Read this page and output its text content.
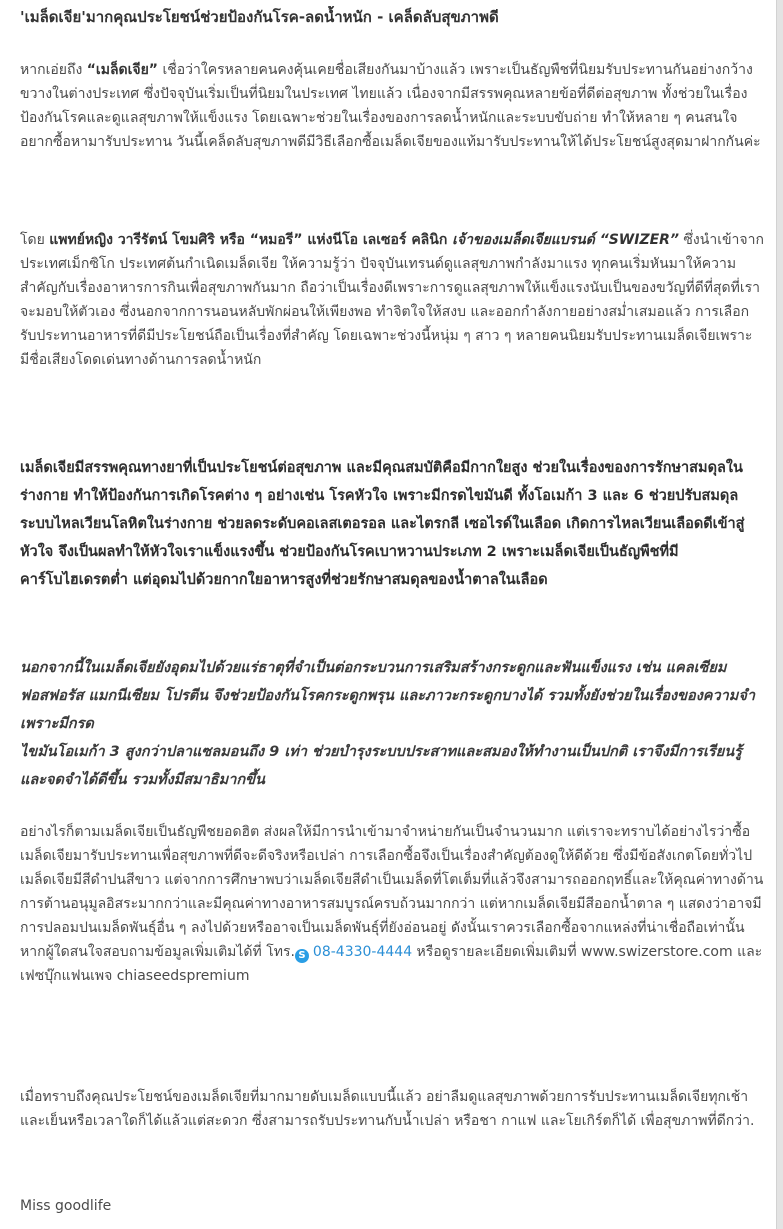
'เมล็ดเจีย'มากคุณประโยชน์ช่วยป้องกันโรค-ลดน้ำหนัก - เคล็ดลับสุขภาพดี

หากเอ่ยถึง “เมล็ดเจีย” เชื่อว่าใครหลายคนคงคุ้นเคยชื่อเสียงกันมาบ้างแล้ว เพราะเป็นธัญพืชที่นิยมรับประทานกันอย่างกว้างขวางในต่างประเทศ ซึ่งปัจจุบันเริ่มเป็นที่นิยมในประเทศ ไทยแล้ว เนื่องจากมีสรรพคุณหลายข้อที่ดีต่อสุขภาพ ทั้งช่วยในเรื่องป้องกันโรคและดูแลสุขภาพให้แข็งแรง โดยเฉพาะช่วยในเรื่องของการลดน้ำหนักและระบบขับถ่าย ทำให้หลาย ๆ คนสนใจอยากซื้อหามารับประทาน วันนี้เคล็ดลับสุขภาพดีมีวิธีเลือกซื้อเมล็ดเจียของแท้มารับประทานให้ได้ประโยชน์สูงสุดมาฝากกันค่ะ

โดย แพทย์หญิง วารีรัตน์ โขมศิริ หรือ “หมอรี” แห่งนีโอ เลเซอร์ คลินิก เจ้าของเมล็ดเจียแบรนด์ “SWIZER” ซึ่งนำเข้าจากประเทศเม็กซิโก ประเทศต้นกำเนิดเมล็ดเจีย ให้ความรู้ว่า ปัจจุบันเทรนด์ดูแลสุขภาพกำลังมาแรง ทุกคนเริ่มหันมาให้ความสำคัญกับเรื่องอาหารการกินเพื่อสุขภาพกันมาก ถือว่าเป็นเรื่องดีเพราะการดูแลสุขภาพให้แข็งแรงนับเป็นของขวัญที่ดีที่สุดที่เราจะมอบให้ตัวเอง ซึ่งนอกจากการนอนหลับพักผ่อนให้เพียงพอ ทำจิตใจให้สงบ และออกกำลังกายอย่างสม่ำเสมอแล้ว การเลือกรับประทานอาหารที่ดีมีประโยชน์ถือเป็นเรื่องที่สำคัญ โดยเฉพาะช่วงนี้หนุ่ม ๆ สาว ๆ หลายคนนิยมรับประทานเมล็ดเจียเพราะมีชื่อเสียงโดดเด่นทางด้านการลดน้ำหนัก

เมล็ดเจียมีสรรพคุณทางยาที่เป็นประโยชน์ต่อสุขภาพ และมีคุณสมบัติคือมีกากใยสูง ช่วยในเรื่องของการรักษาสมดุลในร่างกาย ทำให้ป้องกันการเกิดโรคต่าง ๆ อย่างเช่น โรคหัวใจ เพราะมีกรดไขมันดี ทั้งโอเมก้า 3 และ 6 ช่วยปรับสมดุลระบบไหลเวียนโลหิตในร่างกาย ช่วยลดระดับคอเลสเตอรอล และไตรกลี เซอไรด์ในเลือด เกิดการไหลเวียนเลือดดีเข้าสู่หัวใจ จึงเป็นผลทำให้หัวใจเราแข็งแรงขึ้น ช่วยป้องกันโรคเบาหวานประเภท 2 เพราะเมล็ดเจียเป็นธัญพืชที่มีคาร์โบไฮเดรตต่ำ แต่อุดมไปด้วยกากใยอาหารสูงที่ช่วยรักษาสมดุลของน้ำตาลในเลือด

นอกจากนี้ในเมล็ดเจียยังอุดมไปด้วยแร่ธาตุที่จำเป็นต่อกระบวนการเสริมสร้างกระดูกและฟันแข็งแรง เช่น แคลเซียม ฟอสฟอรัส แมกนีเซียม โปรตีน จึงช่วยป้องกันโรคกระดูกพรุน และภาวะกระดูกบางได้ รวมทั้งยังช่วยในเรื่องของความจำ เพราะมีกรด
ไขมันโอเมก้า 3 สูงกว่าปลาแซลมอนถึง 9 เท่า ช่วยบำรุงระบบประสาทและสมองให้ทำงานเป็นปกติ เราจึงมีการเรียนรู้และจดจำได้ดีขึ้น รวมทั้งมีสมาธิมากขึ้น

อย่างไรก็ตามเมล็ดเจียเป็นธัญพืชยอดฮิต ส่งผลให้มีการนำเข้ามาจำหน่ายกันเป็นจำนวนมาก แต่เราจะทราบได้อย่างไรว่าซื้อเมล็ดเจียมารับประทานเพื่อสุขภาพที่ดีจะดีจริงหรือเปล่า การเลือกซื้อจึงเป็นเรื่องสำคัญต้องดูให้ดีด้วย ซึ่งมีข้อสังเกตโดยทั่วไปเมล็ดเจียมีสีดำปนสีขาว แต่จากการศึกษาพบว่าเมล็ดเจียสีดำเป็นเมล็ดที่โตเต็มที่แล้วจึงสามารถออกฤทธิ์และให้คุณค่าทางด้านการต้านอนุมูลอิสระมากกว่าและมีคุณค่าทางอาหารสมบูรณ์ครบถ้วนมากกว่า แต่หากเมล็ดเจียมีสีออกน้ำตาล ๆ แสดงว่าอาจมีการปลอมปนเมล็ดพันธุ์อื่น ๆ ลงไปด้วยหรืออาจเป็นเมล็ดพันธุ์ที่ยังอ่อนอยู่ ดังนั้นเราควรเลือกซื้อจากแหล่งที่น่าเชื่อถือเท่านั้น หากผู้ใดสนใจสอบถามข้อมูลเพิ่มเติมได้ที่ โทร. S 08-4330-4444 หรือดูรายละเอียดเพิ่มเติมที่ www.swizerstore.com และเฟซบุ๊กแฟนเพจ chiaseedspremium

เมื่อทราบถึงคุณประโยชน์ของเมล็ดเจียที่มากมายดับเมล็ดแบบนี้แล้ว อย่าลืมดูแลสุขภาพด้วยการรับประทานเมล็ดเจียทุกเช้าและเย็นหรือเวลาใดก็ได้แล้วแต่สะดวก ซึ่งสามารถรับประทานกับน้ำเปล่า หรือชา กาแฟ และโยเกิร์ตก็ได้ เพื่อสุขภาพที่ดีกว่า.

Miss goodlife
